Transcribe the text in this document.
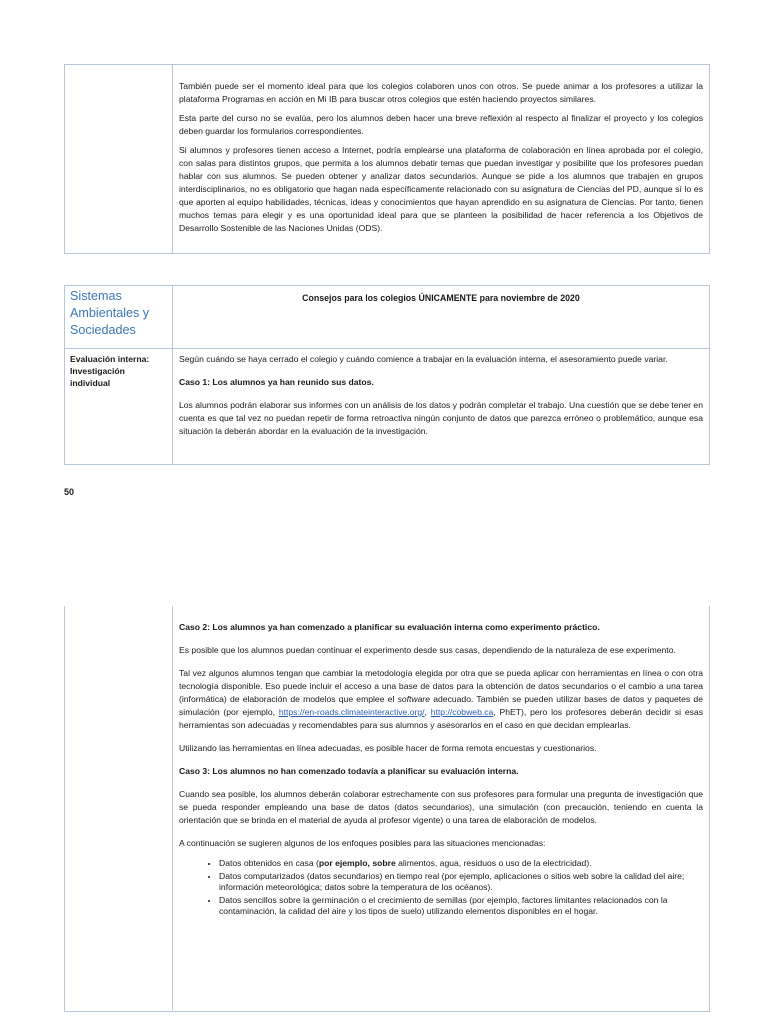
También puede ser el momento ideal para que los colegios colaboren unos con otros. Se puede animar a los profesores a utilizar la plataforma Programas en acción en Mi IB para buscar otros colegios que estén haciendo proyectos similares.

Esta parte del curso no se evalúa, pero los alumnos deben hacer una breve reflexión al respecto al finalizar el proyecto y los colegios deben guardar los formularios correspondientes.

Si alumnos y profesores tienen acceso a Internet, podría emplearse una plataforma de colaboración en línea aprobada por el colegio, con salas para distintos grupos, que permita a los alumnos debatir temas que puedan investigar y posibilite que los profesores puedan hablar con sus alumnos. Se pueden obtener y analizar datos secundarios. Aunque se pide a los alumnos que trabajen en grupos interdisciplinarios, no es obligatorio que hagan nada específicamente relacionado con su asignatura de Ciencias del PD, aunque sí lo es que aporten al equipo habilidades, técnicas, ideas y conocimientos que hayan aprendido en su asignatura de Ciencias. Por tanto, tienen muchos temas para elegir y es una oportunidad ideal para que se planteen la posibilidad de hacer referencia a los Objetivos de Desarrollo Sostenible de las Naciones Unidas (ODS).

Sistemas
Ambientales y
Sociedades
Consejos para los colegios ÚNICAMENTE para noviembre de 2020
Evaluación interna:
Investigación
individual

Según cuándo se haya cerrado el colegio y cuándo comience a trabajar en la evaluación interna, el asesoramiento puede variar.

Caso 1: Los alumnos ya han reunido sus datos.

Los alumnos podrán elaborar sus informes con un análisis de los datos y podrán completar el trabajo. Una cuestión que se debe tener en cuenta es que tal vez no puedan repetir de forma retroactiva ningún conjunto de datos que parezca erróneo o problemático, aunque esa situación la deberán abordar en la evaluación de la investigación.

50

Caso 2: Los alumnos ya han comenzado a planificar su evaluación interna como experimento práctico.

Es posible que los alumnos puedan continuar el experimento desde sus casas, dependiendo de la naturaleza de ese experimento.

Tal vez algunos alumnos tengan que cambiar la metodología elegida por otra que se pueda aplicar con herramientas en línea o con otra tecnología disponible. Eso puede incluir el acceso a una base de datos para la obtención de datos secundarios o el cambio a una tarea (informática) de elaboración de modelos que emplee el software adecuado. También se pueden utilizar bases de datos y paquetes de simulación (por ejemplo, https://en-roads.climateinteractive.org/, http://cobweb.ca, PhET), pero los profesores deberán decidir si esas herramientas son adecuadas y recomendables para sus alumnos y asesorarlos en el caso en que decidan emplearlas.

Utilizando las herramientas en línea adecuadas, es posible hacer de forma remota encuestas y cuestionarios.

Caso 3: Los alumnos no han comenzado todavía a planificar su evaluación interna.

Cuando sea posible, los alumnos deberán colaborar estrechamente con sus profesores para formular una pregunta de investigación que se pueda responder empleando una base de datos (datos secundarios), una simulación (con precaución, teniendo en cuenta la orientación que se brinda en el material de ayuda al profesor vigente) o una tarea de elaboración de modelos.

A continuación se sugieren algunos de los enfoques posibles para las situaciones mencionadas:

• Datos obtenidos en casa (por ejemplo, sobre alimentos, agua, residuos o uso de la electricidad).
• Datos computarizados (datos secundarios) en tiempo real (por ejemplo, aplicaciones o sitios web sobre la calidad del aire; información meteorológica; datos sobre la temperatura de los océanos).
• Datos sencillos sobre la germinación o el crecimiento de semillas (por ejemplo, factores limitantes relacionados con la contaminación, la calidad del aire y los tipos de suelo) utilizando elementos disponibles en el hogar.
